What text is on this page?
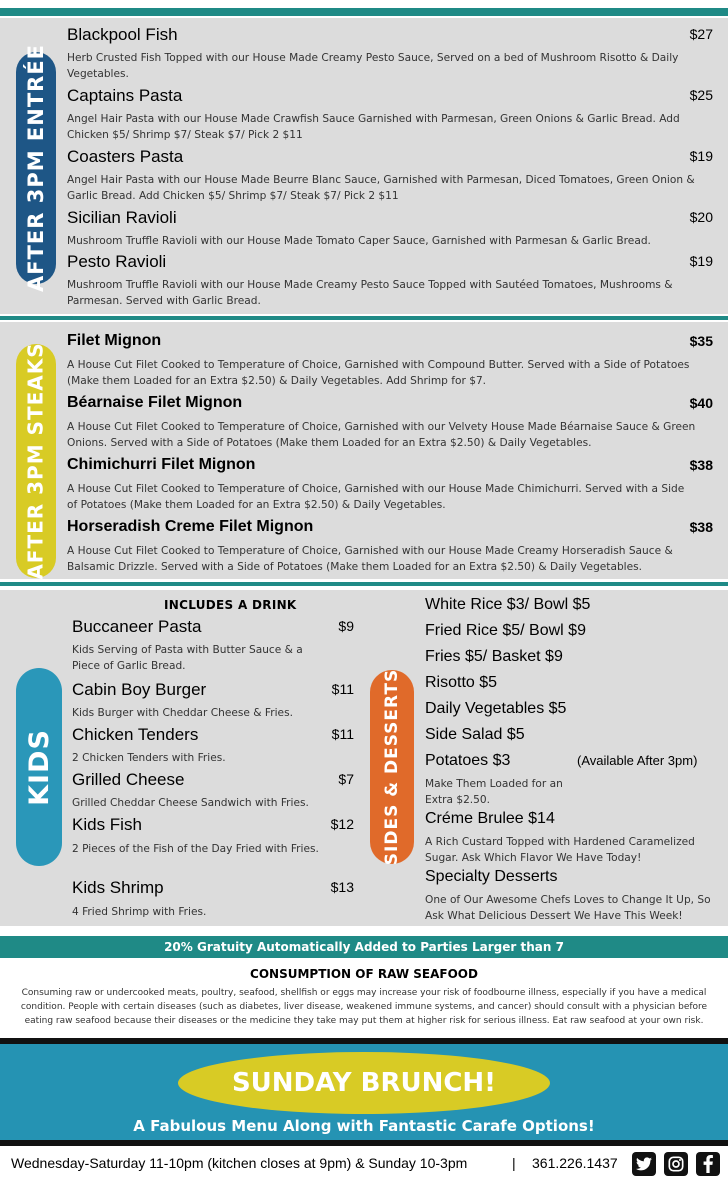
AFTER 3PM ENTRÉE
Blackpool Fish	$27
Herb Crusted Fish Topped with our House Made Creamy Pesto Sauce, Served on a bed of Mushroom Risotto & Daily Vegetables.
Captains Pasta	$25
Angel Hair Pasta with our House Made Crawfish Sauce Garnished with Parmesan, Green Onions & Garlic Bread. Add Chicken $5/ Shrimp $7/ Steak $7/ Pick 2 $11
Coasters Pasta	$19
Angel Hair Pasta with our House Made Beurre Blanc Sauce, Garnished with Parmesan, Diced Tomatoes, Green Onion & Garlic Bread. Add Chicken $5/ Shrimp $7/ Steak $7/ Pick 2 $11
Sicilian Ravioli	$20
Mushroom Truffle Ravioli with our House Made Tomato Caper Sauce, Garnished with Parmesan & Garlic Bread.
Pesto Ravioli	$19
Mushroom Truffle Ravioli with our House Made Creamy Pesto Sauce Topped with Sautéed Tomatoes, Mushrooms & Parmesan. Served with Garlic Bread.
AFTER 3PM STEAKS
Filet Mignon	$35
A House Cut Filet Cooked to Temperature of Choice, Garnished with Compound Butter. Served with a Side of Potatoes (Make them Loaded for an Extra $2.50) & Daily Vegetables. Add Shrimp for $7.
Béarnaise Filet Mignon	$40
A House Cut Filet Cooked to Temperature of Choice, Garnished with our Velvety House Made Béarnaise Sauce & Green Onions. Served with a Side of Potatoes (Make them Loaded for an Extra $2.50) & Daily Vegetables.
Chimichurri Filet Mignon	$38
A House Cut Filet Cooked to Temperature of Choice, Garnished with our House Made Chimichurri. Served with a Side of Potatoes (Make them Loaded for an Extra $2.50) & Daily Vegetables.
Horseradish Creme Filet Mignon	$38
A House Cut Filet Cooked to Temperature of Choice, Garnished with our House Made Creamy Horseradish Sauce & Balsamic Drizzle. Served with a Side of Potatoes (Make them Loaded for an Extra $2.50) & Daily Vegetables.
KIDS
INCLUDES A DRINK
Buccaneer Pasta	$9
Kids Serving of Pasta with Butter Sauce & a Piece of Garlic Bread.
Cabin Boy Burger	$11
Kids Burger with Cheddar Cheese & Fries.
Chicken Tenders	$11
2 Chicken Tenders with Fries.
Grilled Cheese	$7
Grilled Cheddar Cheese Sandwich with Fries.
Kids Fish	$12
2 Pieces of the Fish of the Day Fried with Fries.
Kids Shrimp	$13
4 Fried Shrimp with Fries.
SIDES & DESSERTS
White Rice $3/ Bowl $5
Fried Rice $5/ Bowl $9
Fries $5/ Basket $9
Risotto $5
Daily Vegetables $5
Side Salad $5
Potatoes $3	(Available After 3pm)
Make Them Loaded for an Extra $2.50.
Créme Brulee $14
A Rich Custard Topped with Hardened Caramelized Sugar. Ask Which Flavor We Have Today!
Specialty Desserts
One of Our Awesome Chefs Loves to Change It Up, So Ask What Delicious Dessert We Have This Week!
20% Gratuity Automatically Added to Parties Larger than 7
CONSUMPTION OF RAW SEAFOOD
Consuming raw or undercooked meats, poultry, seafood, shellfish or eggs may increase your risk of foodbourne illness, especially if you have a medical condition. People with certain diseases (such as diabetes, liver disease, weakened immune systems, and cancer) should consult with a physician before eating raw seafood because their diseases or the medicine they take may put them at higher risk for serious illness. Eat raw seafood at your own risk.
SUNDAY BRUNCH!
A Fabulous Menu Along with Fantastic Carafe Options!
Wednesday-Saturday 11-10pm (kitchen closes at 9pm) & Sunday 10-3pm	| 361.226.1437
